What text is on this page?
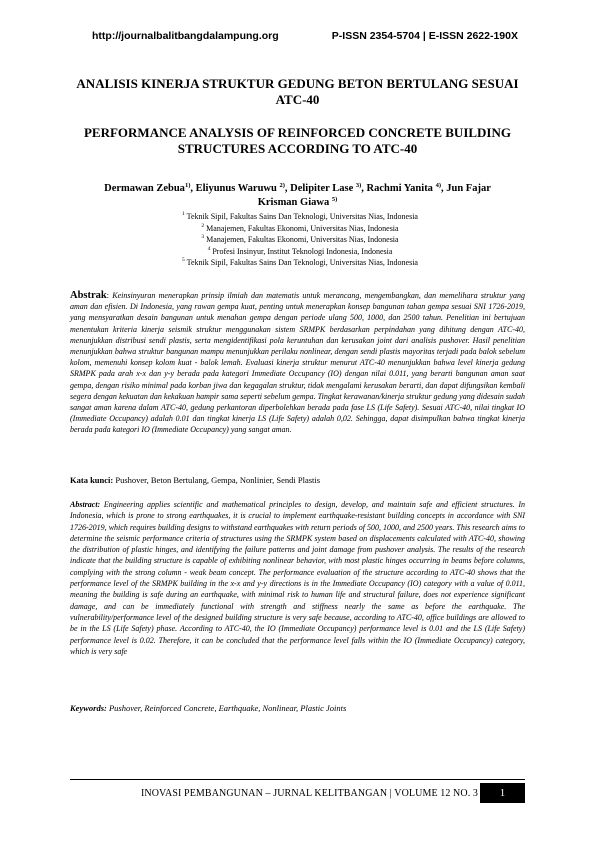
http://journalbalitbangdalampung.org	P-ISSN 2354-5704 | E-ISSN 2622-190X
ANALISIS KINERJA STRUKTUR GEDUNG BETON BERTULANG SESUAI ATC-40
PERFORMANCE ANALYSIS OF REINFORCED CONCRETE BUILDING STRUCTURES ACCORDING TO ATC-40
Dermawan Zebua$^{1)}$, Eliyunus Waruwu $^{2)}$, Delipiter Lase $^{3)}$, Rachmi Yanita $^{4)}$, Jun Fajar Krisman Giawa $^{5)}$
$^1$ Teknik Sipil, Fakultas Sains Dan Teknologi, Universitas Nias, Indonesia
$^2$ Manajemen, Fakultas Ekonomi, Universitas Nias, Indonesia
$^3$ Manajemen, Fakultas Ekonomi, Universitas Nias, Indonesia
$^4$ Profesi Insinyur, Institut Teknologi Indonesia, Indonesia
$^5$ Teknik Sipil, Fakultas Sains Dan Teknologi, Universitas Nias, Indonesia
Abstrak: Keinsinyuran menerapkan prinsip ilmiah dan matematis untuk merancang, mengembangkan, dan memelihara struktur yang aman dan efisien. Di Indonesia, yang rawan gempa kuat, penting untuk menerapkan konsep bangunan tahan gempa sesuai SNI 1726-2019, yang mensyaratkan desain bangunan untuk menahan gempa dengan periode ulang 500, 1000, dan 2500 tahun. Penelitian ini bertujuan menentukan kriteria kinerja seismik struktur menggunakan sistem SRMPK berdasarkan perpindahan yang dihitung dengan ATC-40, menunjukkan distribusi sendi plastis, serta mengidentifikasi pola keruntuhan dan kerusakan joint dari analisis pushover. Hasil penelitian menunjukkan bahwa struktur bangunan mampu menunjukkan perilaku nonlinear, dengan sendi plastis mayoritas terjadi pada balok sebelum kolom, memenuhi konsep kolom kuat - balok lemah. Evaluasi kinerja struktur menurut ATC-40 menunjukkan bahwa level kinerja gedung SRMPK pada arah x-x dan y-y berada pada kategori Immediate Occupancy (IO) dengan nilai 0.011, yang berarti bangunan aman saat gempa, dengan risiko minimal pada korban jiwa dan kegagalan struktur, tidak mengalami kerusakan berarti, dan dapat difungsikan kembali segera dengan kekuatan dan kekakuan hampir sama seperti sebelum gempa. Tingkat kerawanan/kinerja struktur gedung yang didesain sudah sangat aman karena dalam ATC-40, gedung perkantoran diperbolehkan berada pada fase LS (Life Safety). Sesuai ATC-40, nilai tingkat IO (Immediate Occupancy) adalah 0.01 dan tingkat kinerja LS (Life Safety) adalah 0,02. Sehingga, dapat disimpulkan bahwa tingkat kinerja berada pada kategori IO (Immediate Occupancy) yang sangat aman.
Kata kunci: Pushover, Beton Bertulang, Gempa, Nonlinier, Sendi Plastis
Abstract: Engineering applies scientific and mathematical principles to design, develop, and maintain safe and efficient structures. In Indonesia, which is prone to strong earthquakes, it is crucial to implement earthquake-resistant building concepts in accordance with SNI 1726-2019, which requires building designs to withstand earthquakes with return periods of 500, 1000, and 2500 years. This research aims to determine the seismic performance criteria of structures using the SRMPK system based on displacements calculated with ATC-40, showing the distribution of plastic hinges, and identifying the failure patterns and joint damage from pushover analysis. The results of the research indicate that the building structure is capable of exhibiting nonlinear behavior, with most plastic hinges occurring in beams before columns, complying with the strong column - weak beam concept. The performance evaluation of the structure according to ATC-40 shows that the performance level of the SRMPK building in the x-x and y-y directions is in the Immediate Occupancy (IO) category with a value of 0.011, meaning the building is safe during an earthquake, with minimal risk to human life and structural failure, does not experience significant damage, and can be immediately functional with strength and stiffness nearly the same as before the earthquake. The vulnerability/performance level of the designed building structure is very safe because, according to ATC-40, office buildings are allowed to be in the LS (Life Safety) phase. According to ATC-40, the IO (Immediate Occupancy) performance level is 0.01 and the LS (Life Safety) performance level is 0.02. Therefore, it can be concluded that the performance level falls within the IO (Immediate Occupancy) category, which is very safe
Keywords: Pushover, Reinforced Concrete, Earthquake, Nonlinear, Plastic Joints
INOVASI PEMBANGUNAN – JURNAL KELITBANGAN | VOLUME 12 NO. 3	1
